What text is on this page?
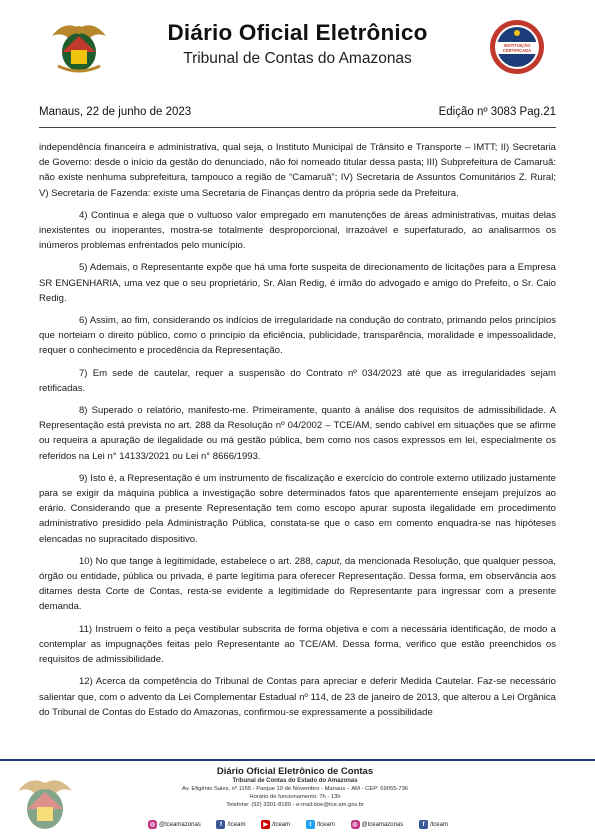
Diário Oficial Eletrônico
Tribunal de Contas do Amazonas
INSTITUIÇÃO
CERTIFICADA
Manaus, 22 de junho de 2023	Edição nº 3083 Pag.21

independência financeira e administrativa, qual seja, o Instituto Municipal de Trânsito e Transporte – IMTT; II) Secretaria de Governo: desde o início da gestão do denunciado, não foi nomeado titular dessa pasta; III) Subprefeitura de Camaruã: não existe nenhuma subprefeitura, tampouco a região de “Camaruã”; IV) Secretaria de Assuntos Comunitários Z. Rural; V) Secretaria de Fazenda: existe uma Secretaria de Finanças dentro da própria sede da Prefeitura.

4) Continua e alega que o vultuoso valor empregado em manutenções de áreas administrativas, muitas delas inexistentes ou inoperantes, mostra-se totalmente desproporcional, irrazoável e superfaturado, ao analisarmos os inúmeros problemas enfrentados pelo município.

5) Ademais, o Representante expõe que há uma forte suspeita de direcionamento de licitações para a Empresa SR ENGENHARIA, uma vez que o seu proprietário, Sr. Alan Redig, é irmão do advogado e amigo do Prefeito, o Sr. Caio Redig.

6) Assim, ao fim, considerando os indícios de irregularidade na condução do contrato, primando pelos princípios que norteiam o direito público, como o princípio da eficiência, publicidade, transparência, moralidade e impessoalidade, requer o conhecimento e procedência da Representação.

7) Em sede de cautelar, requer a suspensão do Contrato nº 034/2023 até que as irregularidades sejam retificadas.

8) Superado o relatório, manifesto-me. Primeiramente, quanto à análise dos requisitos de admissibilidade. A Representação está prevista no art. 288 da Resolução nº 04/2002 – TCE/AM, sendo cabível em situações que se afirme ou requeira a apuração de ilegalidade ou má gestão pública, bem como nos casos expressos em lei, especialmente os referidos na Lei n° 14133/2021 ou Lei n° 8666/1993.

9) Isto é, a Representação é um instrumento de fiscalização e exercício do controle externo utilizado justamente para se exigir da máquina pública a investigação sobre determinados fatos que aparentemente ensejam prejuízos ao erário. Considerando que a presente Representação tem como escopo apurar suposta ilegalidade em procedimento administrativo presidido pela Administração Pública, constata-se que o caso em comento enquadra-se nas hipóteses elencadas no supracitado dispositivo.

10) No que tange à legitimidade, estabelece o art. 288, caput, da mencionada Resolução, que qualquer pessoa, órgão ou entidade, pública ou privada, é parte legítima para oferecer Representação. Dessa forma, em observância aos ditames desta Corte de Contas, resta-se evidente a legitimidade do Representante para ingressar com a presente demanda.

11) Instruem o feito a peça vestibular subscrita de forma objetiva e com a necessária identificação, de modo a contemplar as impugnações feitas pelo Representante ao TCE/AM. Dessa forma, verifico que estão preenchidos os requisitos de admissibilidade.

12) Acerca da competência do Tribunal de Contas para apreciar e deferir Medida Cautelar. Faz-se necessário salientar que, com o advento da Lei Complementar Estadual nº 114, de 23 de janeiro de 2013, que alterou a Lei Orgânica do Tribunal de Contas do Estado do Amazonas, confirmou-se expressamente a possibilidade

Diário Oficial Eletrônico de Contas
Tribunal de Contas do Estado do Amazonas
Av. Efigênio Sales, nº 1155 - Parque 10 de Novembro - Manaus – AM - CEP: 69055-736
Horário de funcionamento: 7h - 13h
Telefone: (92) 3301-8180 - e-mail:doe@tce.am.gov.br
◎ @tceamazonas	f /tceam	▶ /tceam	t /tceam	◎ @tceamazonas	f /tceam
